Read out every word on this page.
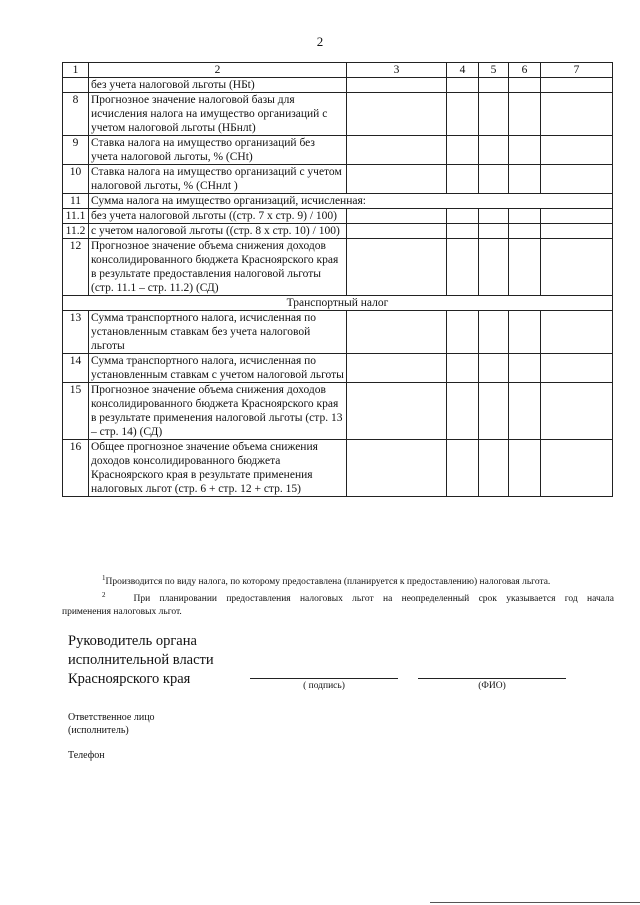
2
1	2	3	4	5	6	7
	без учета налоговой льготы (НБt)					
8	Прогнозное значение налоговой базы для исчисления налога на имущество организаций с учетом налоговой льготы (НБнлt)					
9	Ставка налога на имущество организаций без учета налоговой льготы, % (СНt)					
10	Ставка налога на имущество организаций с учетом налоговой льготы, % (СНнлt )					
11	Сумма налога на имущество организаций, исчисленная:					
11.1	без учета налоговой льготы ((стр. 7 x стр. 9) / 100)					
11.2	с учетом налоговой льготы ((стр. 8 x стр. 10) / 100)					
12	Прогнозное значение объема снижения доходов консолидированного бюджета Красноярского края в результате предоставления налоговой льготы (стр. 11.1 – стр. 11.2) (СД)					
Транспортный налог						
13	Сумма транспортного налога, исчисленная по установленным ставкам без учета налоговой льготы					
14	Сумма транспортного налога, исчисленная по установленным ставкам с учетом налоговой льготы					
15	Прогнозное значение объема снижения доходов консолидированного бюджета Красноярского края в результате применения налоговой льготы (стр. 13 – стр. 14) (СД)					
16	Общее прогнозное значение объема снижения доходов консолидированного бюджета Красноярского края в результате применения налоговых льгот (стр. 6 + стр. 12 + стр. 15)					
$^1$Производится по виду налога, по которому предоставлена (планируется к предоставлению) налоговая льгота.
$^2$	При планировании предоставления налоговых льгот на неопределенный срок указывается год начала
применения налоговых льгот.
Руководитель органа
исполнительной власти
Красноярского края	( подпись)	(ФИО)
Ответственное лицо
(исполнитель)
Телефон
